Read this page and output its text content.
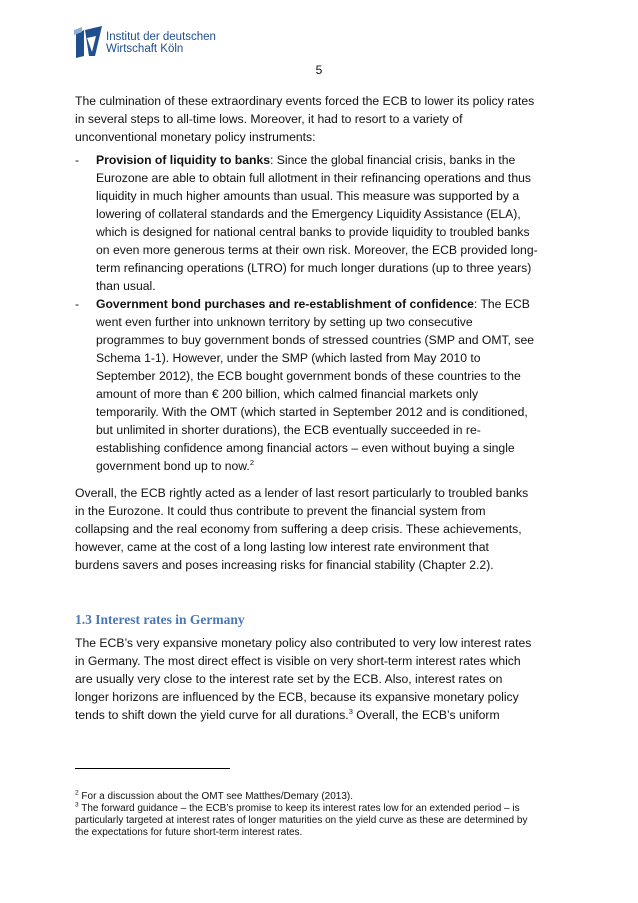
Institut der deutschen
Wirtschaft Köln
5
The culmination of these extraordinary events forced the ECB to lower its policy rates
in several steps to all-time lows. Moreover, it had to resort to a variety of
unconventional monetary policy instruments:
- Provision of liquidity to banks: Since the global financial crisis, banks in the
Eurozone are able to obtain full allotment in their refinancing operations and thus
liquidity in much higher amounts than usual. This measure was supported by a
lowering of collateral standards and the Emergency Liquidity Assistance (ELA),
which is designed for national central banks to provide liquidity to troubled banks
on even more generous terms at their own risk. Moreover, the ECB provided long-
term refinancing operations (LTRO) for much longer durations (up to three years)
than usual.
- Government bond purchases and re-establishment of confidence: The ECB
went even further into unknown territory by setting up two consecutive
programmes to buy government bonds of stressed countries (SMP and OMT, see
Schema 1-1). However, under the SMP (which lasted from May 2010 to
September 2012), the ECB bought government bonds of these countries to the
amount of more than € 200 billion, which calmed financial markets only
temporarily. With the OMT (which started in September 2012 and is conditioned,
but unlimited in shorter durations), the ECB eventually succeeded in re-
establishing confidence among financial actors – even without buying a single
government bond up to now.$^2$
Overall, the ECB rightly acted as a lender of last resort particularly to troubled banks
in the Eurozone. It could thus contribute to prevent the financial system from
collapsing and the real economy from suffering a deep crisis. These achievements,
however, came at the cost of a long lasting low interest rate environment that
burdens savers and poses increasing risks for financial stability (Chapter 2.2).
1.3 Interest rates in Germany
The ECB’s very expansive monetary policy also contributed to very low interest rates
in Germany. The most direct effect is visible on very short-term interest rates which
are usually very close to the interest rate set by the ECB. Also, interest rates on
longer horizons are influenced by the ECB, because its expansive monetary policy
tends to shift down the yield curve for all durations.$^3$ Overall, the ECB’s uniform
$^2$ For a discussion about the OMT see Matthes/Demary (2013).
$^3$ The forward guidance – the ECB’s promise to keep its interest rates low for an extended period – is
particularly targeted at interest rates of longer maturities on the yield curve as these are determined by
the expectations for future short-term interest rates.
